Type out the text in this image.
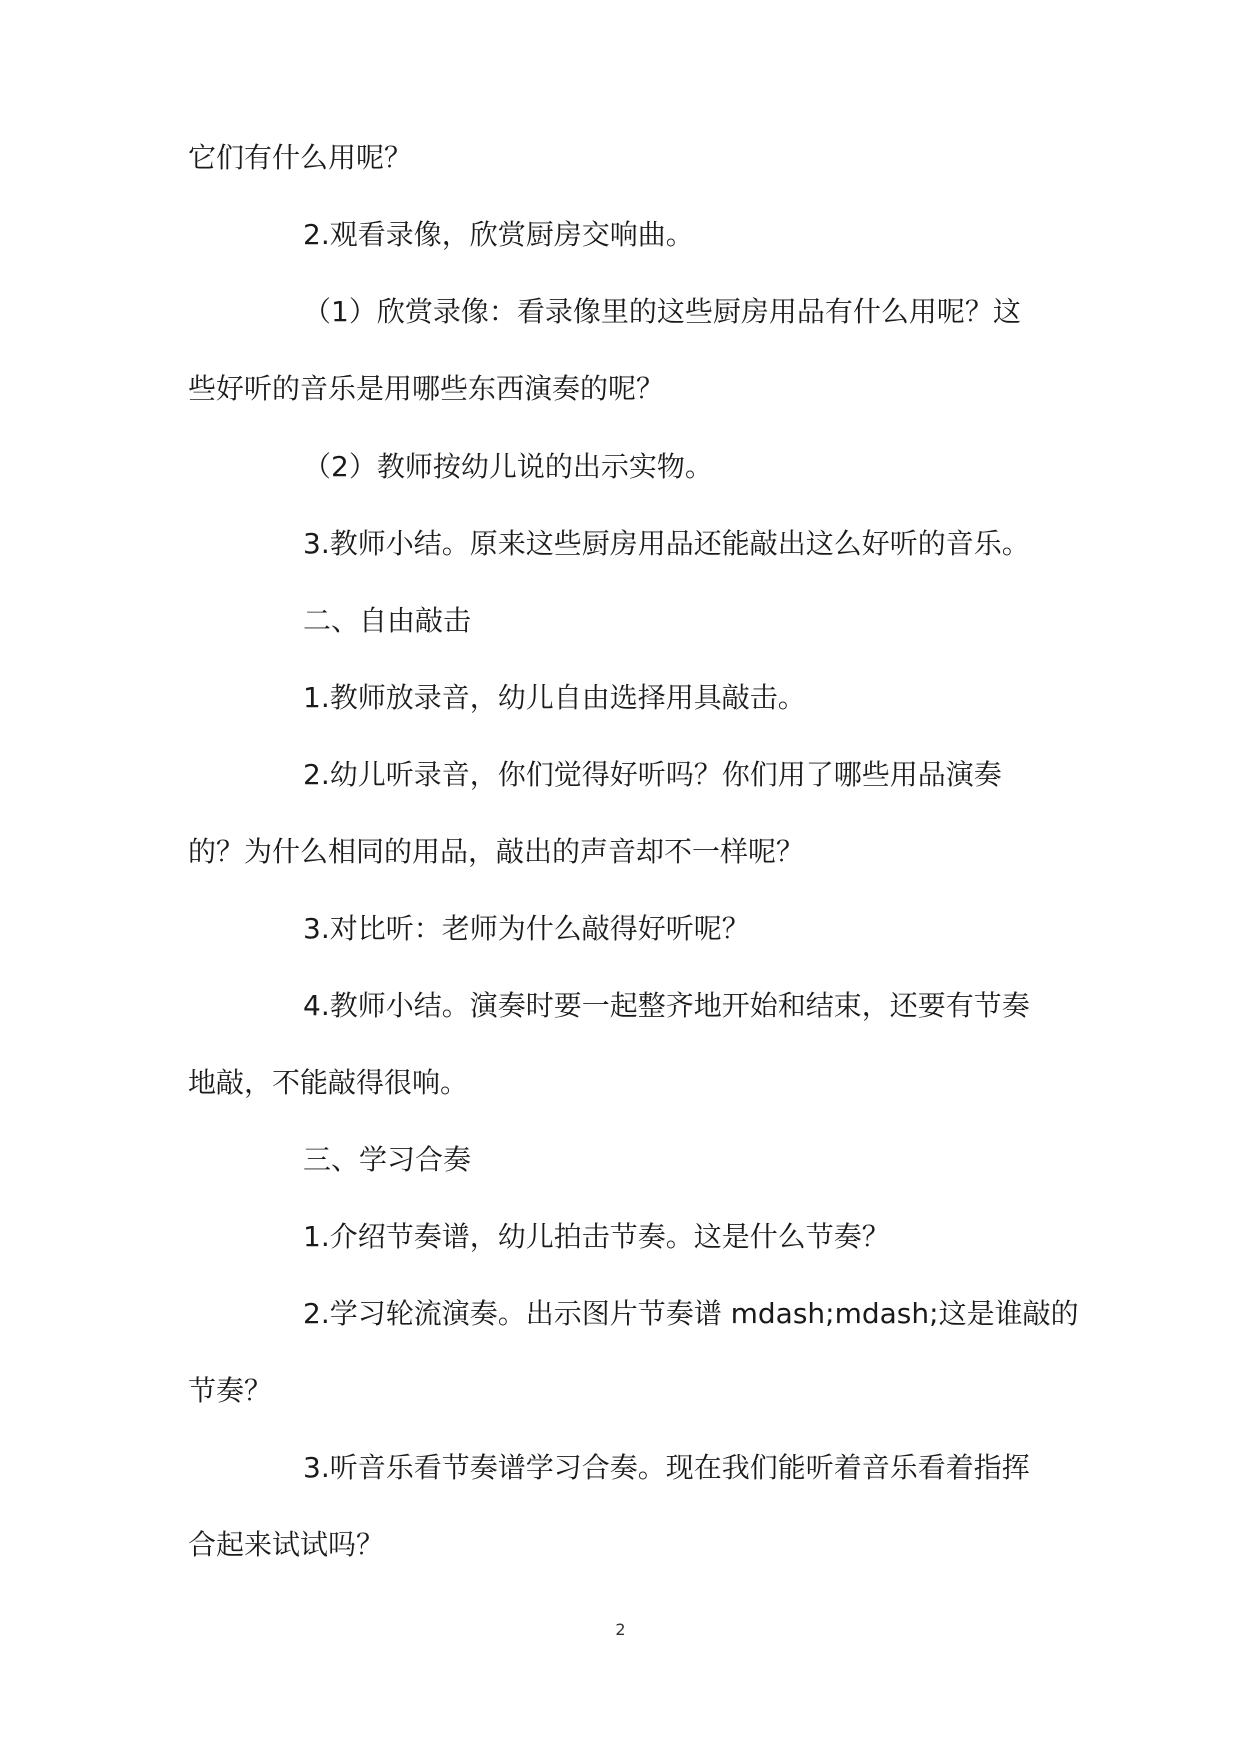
它们有什么用呢？

2.观看录像，欣赏厨房交响曲。

（1）欣赏录像：看录像里的这些厨房用品有什么用呢？这

些好听的音乐是用哪些东西演奏的呢？

（2）教师按幼儿说的出示实物。

3.教师小结。原来这些厨房用品还能敲出这么好听的音乐。

二、自由敲击

1.教师放录音，幼儿自由选择用具敲击。

2.幼儿听录音，你们觉得好听吗？你们用了哪些用品演奏

的？为什么相同的用品，敲出的声音却不一样呢？

3.对比听：老师为什么敲得好听呢？

4.教师小结。演奏时要一起整齐地开始和结束，还要有节奏

地敲，不能敲得很响。

三、学习合奏

1.介绍节奏谱，幼儿拍击节奏。这是什么节奏？

2.学习轮流演奏。出示图片节奏谱 mdash;mdash;这是谁敲的

节奏？

3.听音乐看节奏谱学习合奏。现在我们能听着音乐看着指挥

合起来试试吗？

2
